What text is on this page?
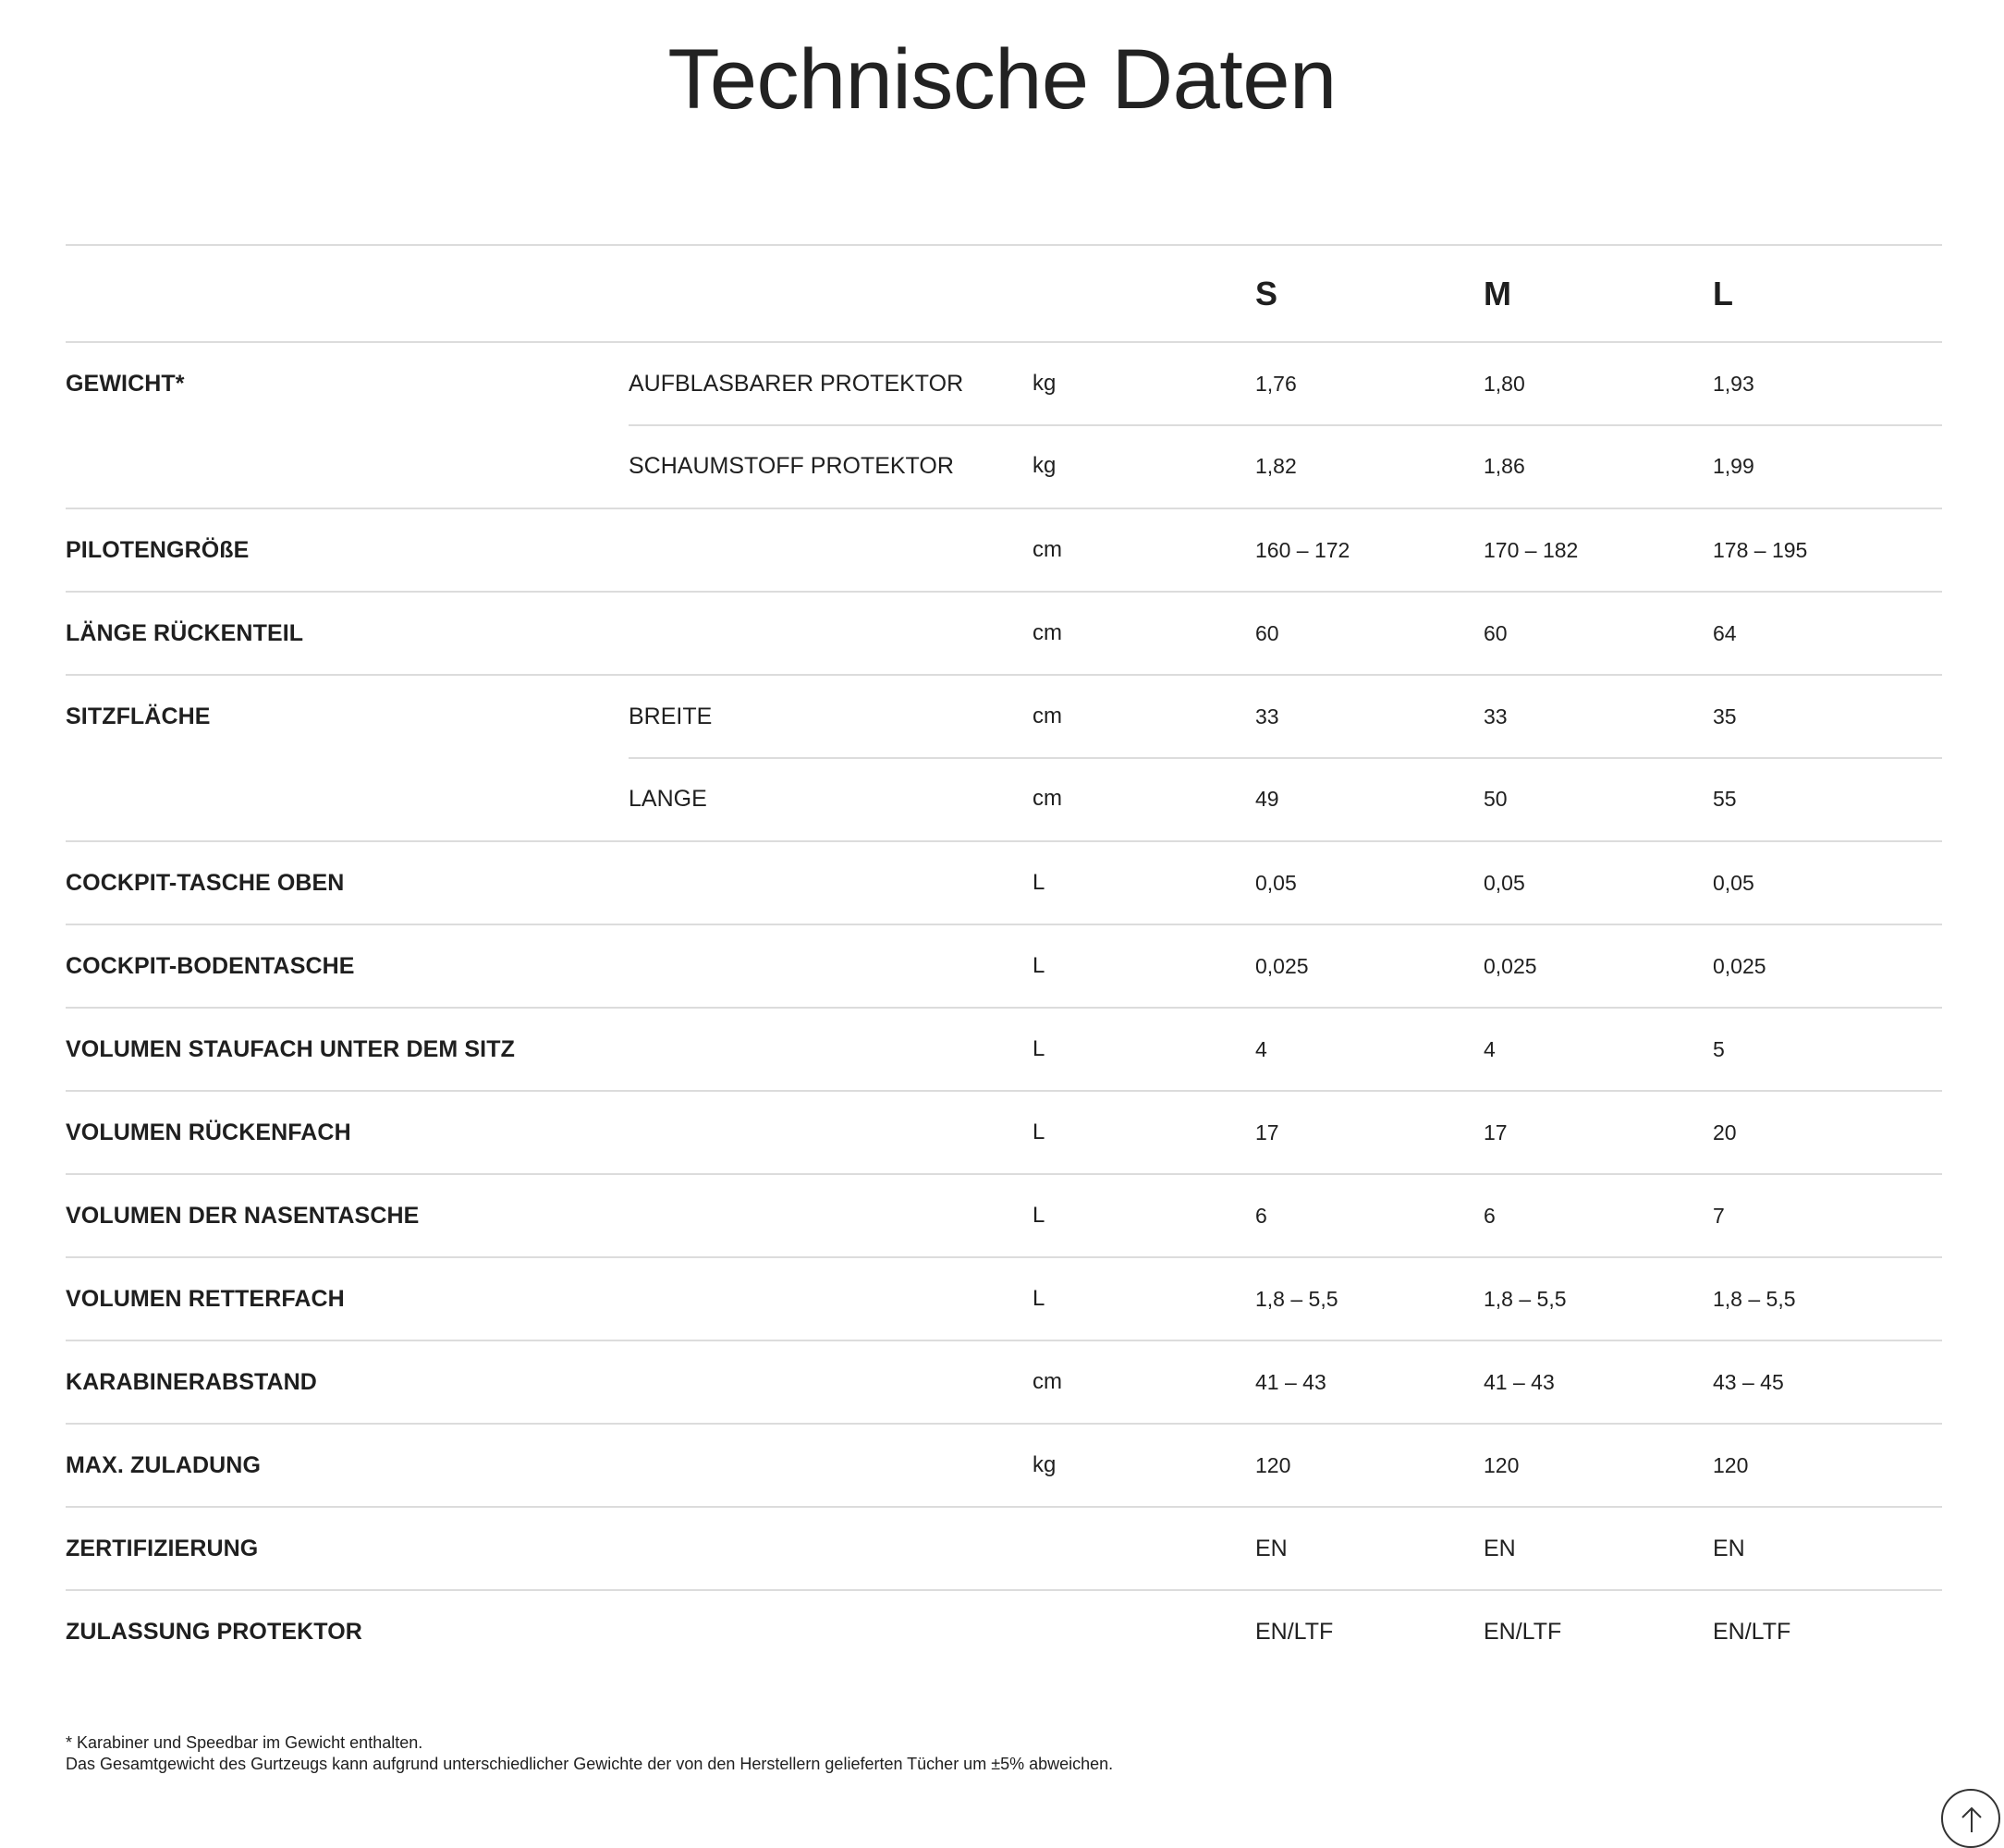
Technische Daten
S	M	L
GEWICHT*	AUFBLASBARER PROTEKTOR	kg	1,76	1,80	1,93
SCHAUMSTOFF PROTEKTOR	kg	1,82	1,86	1,99
PILOTENGRÖßE	cm	160 – 172	170 – 182	178 – 195
LÄNGE RÜCKENTEIL	cm	60	60	64
SITZFLÄCHE	BREITE	cm	33	33	35
LANGE	cm	49	50	55
COCKPIT-TASCHE OBEN	L	0,05	0,05	0,05
COCKPIT-BODENTASCHE	L	0,025	0,025	0,025
VOLUMEN STAUFACH UNTER DEM SITZ	L	4	4	5
VOLUMEN RÜCKENFACH	L	17	17	20
VOLUMEN DER NASENTASCHE	L	6	6	7
VOLUMEN RETTERFACH	L	1,8 – 5,5	1,8 – 5,5	1,8 – 5,5
KARABINERABSTAND	cm	41 – 43	41 – 43	43 – 45
MAX. ZULADUNG	kg	120	120	120
ZERTIFIZIERUNG	EN	EN	EN
ZULASSUNG PROTEKTOR	EN/LTF	EN/LTF	EN/LTF
* Karabiner und Speedbar im Gewicht enthalten.
Das Gesamtgewicht des Gurtzeugs kann aufgrund unterschiedlicher Gewichte der von den Herstellern gelieferten Tücher um ±5% abweichen.
